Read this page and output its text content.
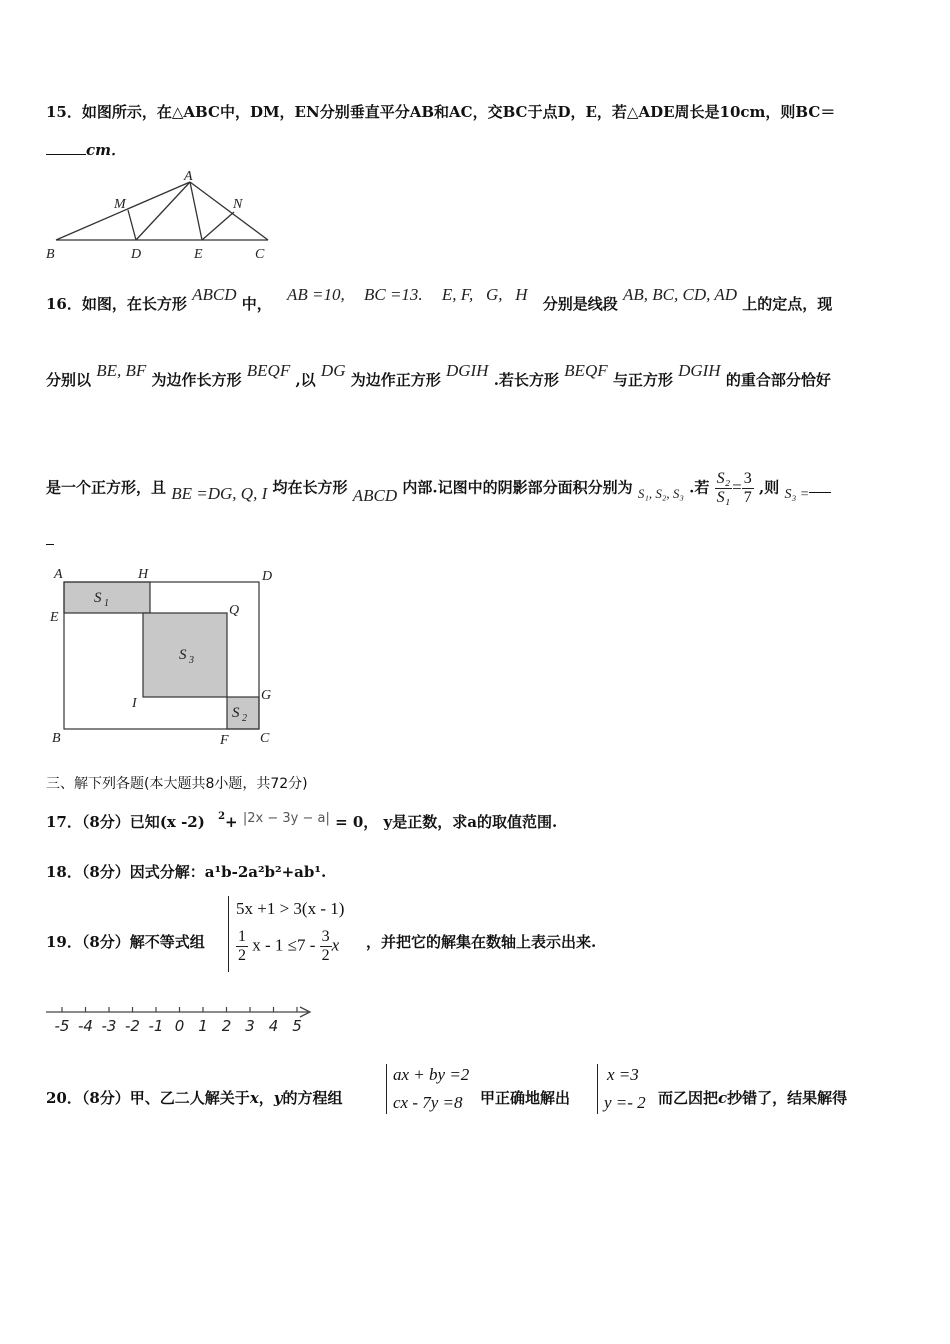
15．如图所示，在△ABC中，DM，EN分别垂直平分AB和AC，交BC于点D，E，若△ADE周长是10cm，则BC＝
cm．
A
M	N
B	D	E	C
16．如图，在长方形 ABCD 中， AB =10, BC =13. E, F,   G,   H 分别是线段 AB, BC, CD, AD 上的定点，现
分别以 BE, BF 为边作长方形 BEQF ,以 DG 为边作正方形 DGIH .若长方形 BEQF 与正方形 DGIH 的重合部分恰好
是一个正方形，且 BE =DG, Q, I 均在长方形 ABCD 内部.记图中的阴影部分面积分别为 S₁, S₂, S₃ .若 $\frac{\text{S₂}}{\text{S₁}} = \frac{3}{7}$ ,则 S₃ =
A	H	D
E	Q
I
G
B	F C
S 1
S 3
S 2
三、解下列各题(本大题共8小题，共72分)
17．（8分）已知(x -2) $^2$+ |2x − 3y − a| = 0， y是正数，求a的取值范围.
18．（8分）因式分解：a¹b-2a²b²+ab¹.
19．（8分）解不等式组
5x +1 > 3(x - 1)
$\frac{1}{2}$ $x - 1 \le 7 - \frac{3}{2}$ x ，并把它的解集在数轴上表示出来.
-5 -4 -3 -2 -1 0 1 2 3 4 5
20．（8分）甲、乙二人解关于x，y的方程组
ax + by =2
cx - 7y =8 甲正确地解出
x =3
y =- 2 而乙因把c抄错了，结果解得
